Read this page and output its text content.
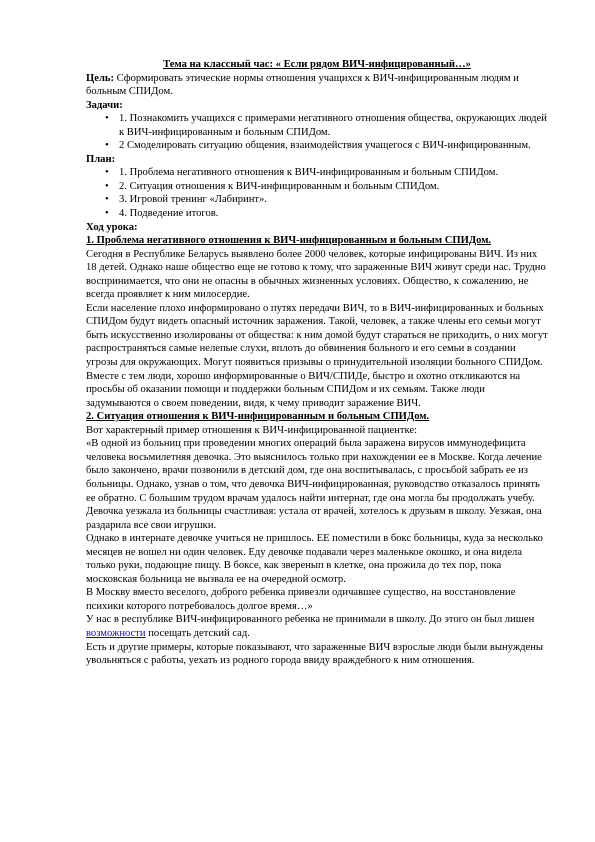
Тема на классный час: « Если рядом ВИЧ-инфицированный…»

Цель: Сформировать этические нормы отношения учащихся к ВИЧ-инфицированным людям и больным СПИДом.

Задачи:

• 1. Познакомить учащихся с примерами негативного отношения общества, окружающих людей к ВИЧ-инфицированным и больным СПИДом.
• 2 Смоделировать ситуацию общения, взаимодействия учащегося с ВИЧ-инфицированным.

План:

• 1. Проблема негативного отношения к ВИЧ-инфицированным и больным СПИДом.
• 2. Ситуация отношения к ВИЧ-инфицированным и больным СПИДом.
• 3. Игровой тренинг «Лабиринт».
• 4. Подведение итогов.

Ход урока:

1. Проблема негативного отношения к ВИЧ-инфицированным и больным СПИДом.

Сегодня в Республике Беларусь выявлено более 2000 человек, которые инфицированы ВИЧ. Из них 18 детей. Однако наше общество еще не готово к тому, что зараженные ВИЧ живут среди нас. Трудно воспринимается, что они не опасны в обычных жизненных условиях. Общество, к сожалению, не всегда проявляет к ним милосердие.

Если население плохо информировано о путях передачи ВИЧ, то в ВИЧ-инфицированных и больных СПИДом будут видеть опасный источник заражения. Такой, человек, а также члены его семьи могут быть искусственно изолированы от общества: к ним домой будут стараться не приходить, о них могут распространяться самые нелепые слухи, вплоть до обвинения больного и его семьи в создании угрозы для окружающих. Могут появиться призывы о принудительной изоляции больного СПИДом. Вместе с тем люди, хорошо информированные о ВИЧ/СПИДе, быстро и охотно откликаются на просьбы об оказании помощи и поддержки больным СПИДом и их семьям. Также люди задумываются о своем поведении, видя, к чему приводит заражение ВИЧ.

2. Ситуация отношения к ВИЧ-инфицированным и больным СПИДом.

Вот характерный пример отношения к ВИЧ-инфицированной пациентке:

«В одной из больниц при проведении многих операций была заражена вирусов иммунодефицита человека восьмилетняя девочка. Это выяснилось только при нахождении ее в Москве. Когда лечение было закончено, врачи позвонили в детский дом, где она воспитывалась, с просьбой забрать ее из больницы. Однако, узнав о том, что девочка ВИЧ-инфицированная, руководство отказалось принять ее обратно. С большим трудом врачам удалось найти интернат, где она могла бы продолжать учебу.

Девочка уезжала из больницы счастливая: устала от врачей, хотелось к друзьям в школу. Уезжая, она раздарила все свои игрушки.

Однако в интернате девочке учиться не пришлось. ЕЕ поместили в бокс больницы, куда за несколько месяцев не вошел ни один человек. Еду девочке подавали через маленькое окошко, и она видела только руки, подающие пищу. В боксе, как зверенып в клетке, она прожила до тех пор, пока московская больница не вызвала ее на очередной осмотр.

В Москву вместо веселого, доброго ребенка привезли одичавшее существо, на восстановление психики которого потребовалось долгое время…»

У нас в республике ВИЧ-инфицированного ребенка не принимали в школу. До этого он был лишен возможности посещать детский сад.

Есть и другие примеры, которые показывают, что зараженные ВИЧ взрослые люди были вынуждены увольняться с работы, уехать из родного города ввиду враждебного к ним отношения.
